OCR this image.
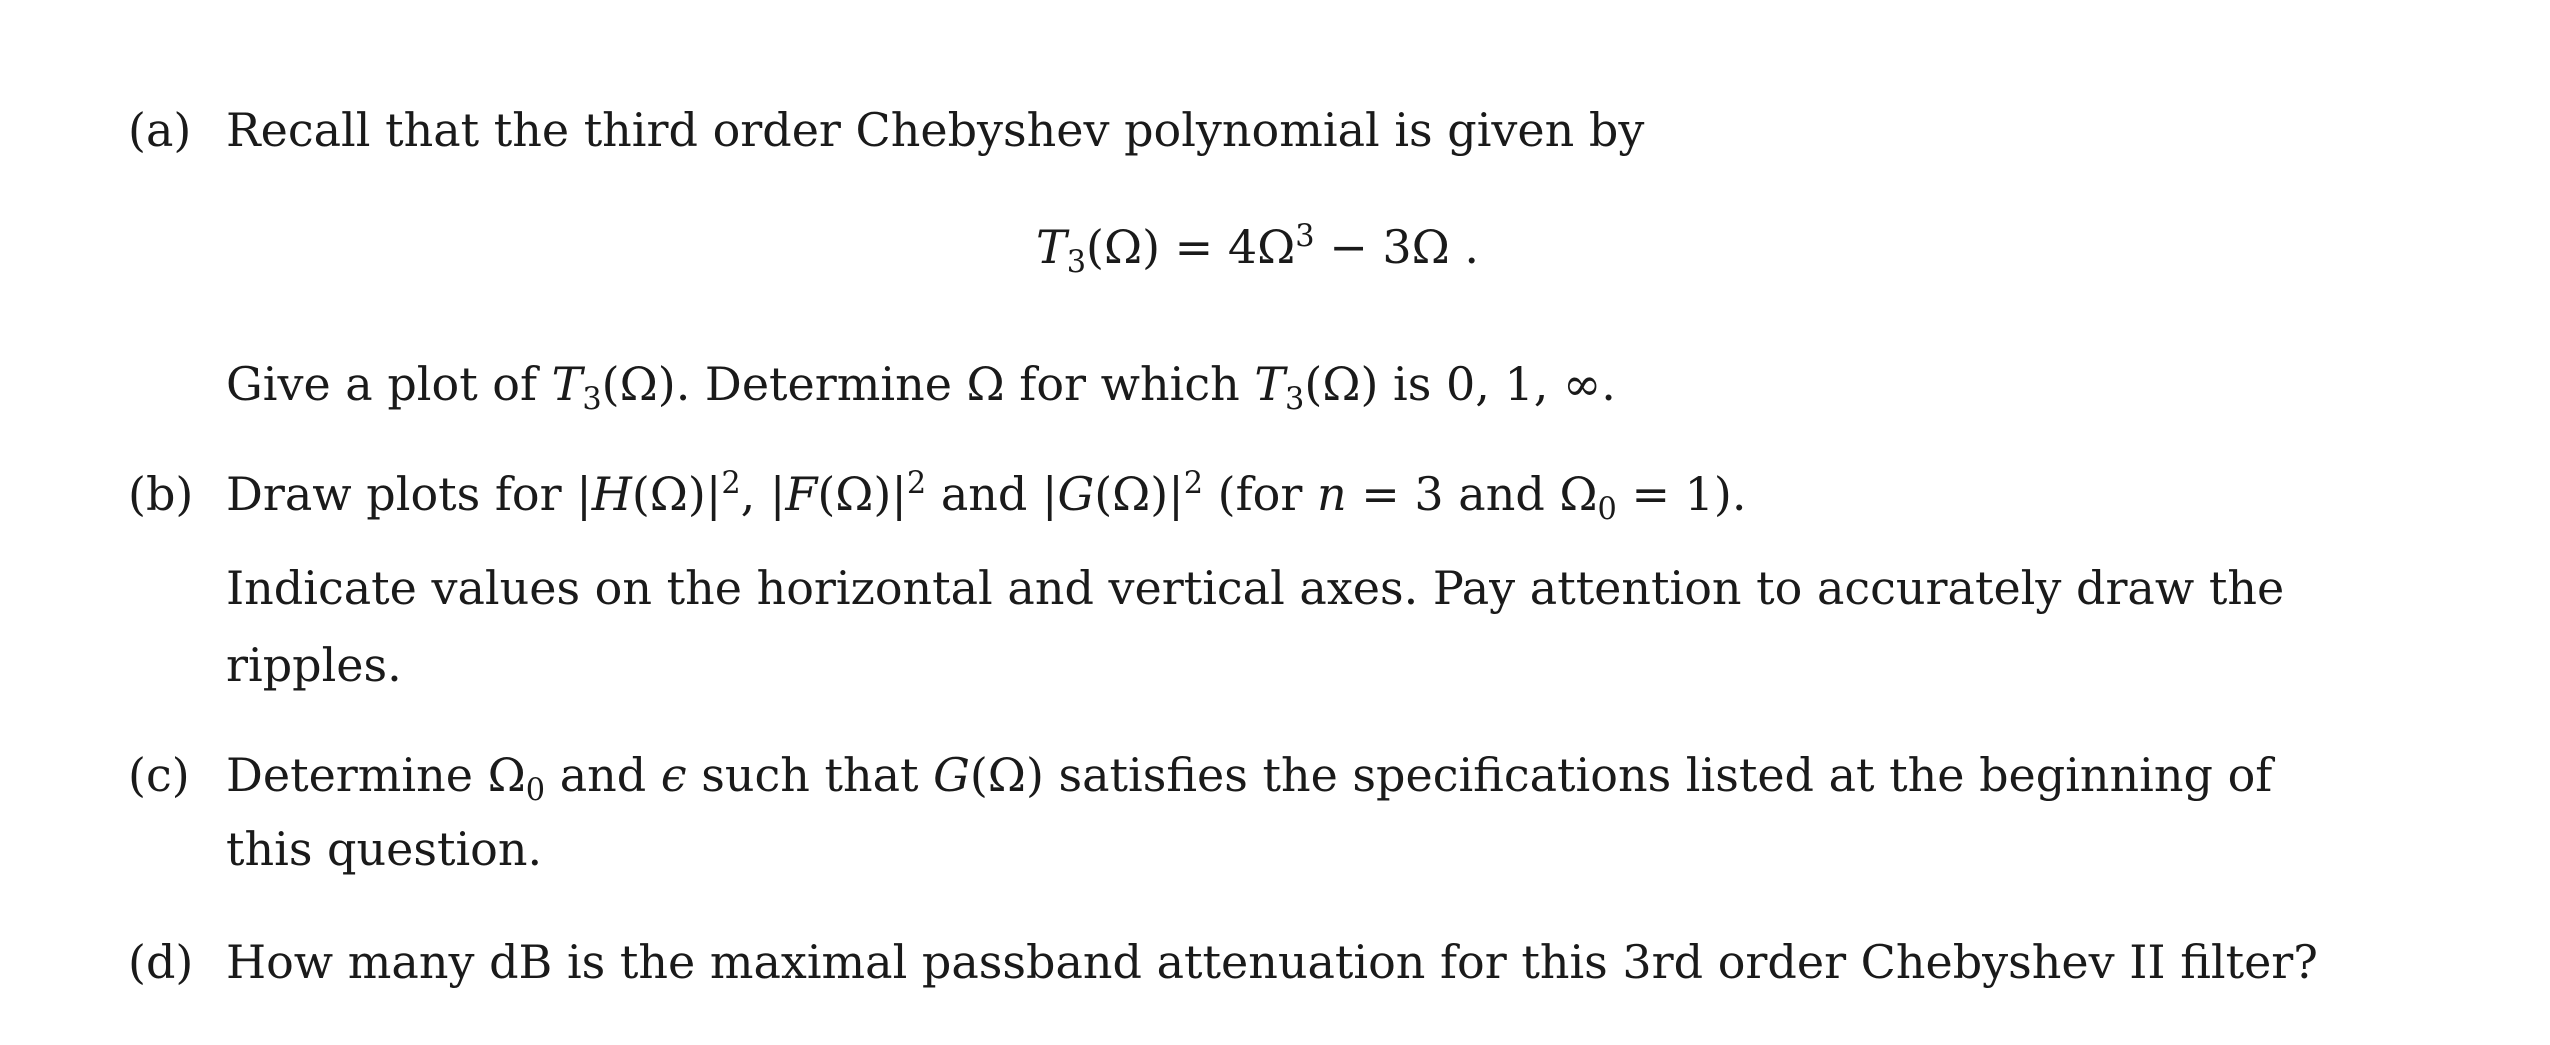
(a) Recall that the third order Chebyshev polynomial is given by
$T_3(\Omega) = 4\Omega^3 - 3\Omega$ .
Give a plot of $T_3(\Omega)$. Determine Ω for which $T_3(\Omega)$ is 0, 1, ∞.
(b) Draw plots for $|H(\Omega)|^2$, $|F(\Omega)|^2$ and $|G(\Omega)|^2$ (for n = 3 and $\Omega_0 = 1$).
Indicate values on the horizontal and vertical axes. Pay attention to accurately draw the
ripples.
(c) Determine $\Omega_0$ and ϵ such that G(Ω) satisfies the specifications listed at the beginning of
this question.
(d) How many dB is the maximal passband attenuation for this 3rd order Chebyshev II filter?
